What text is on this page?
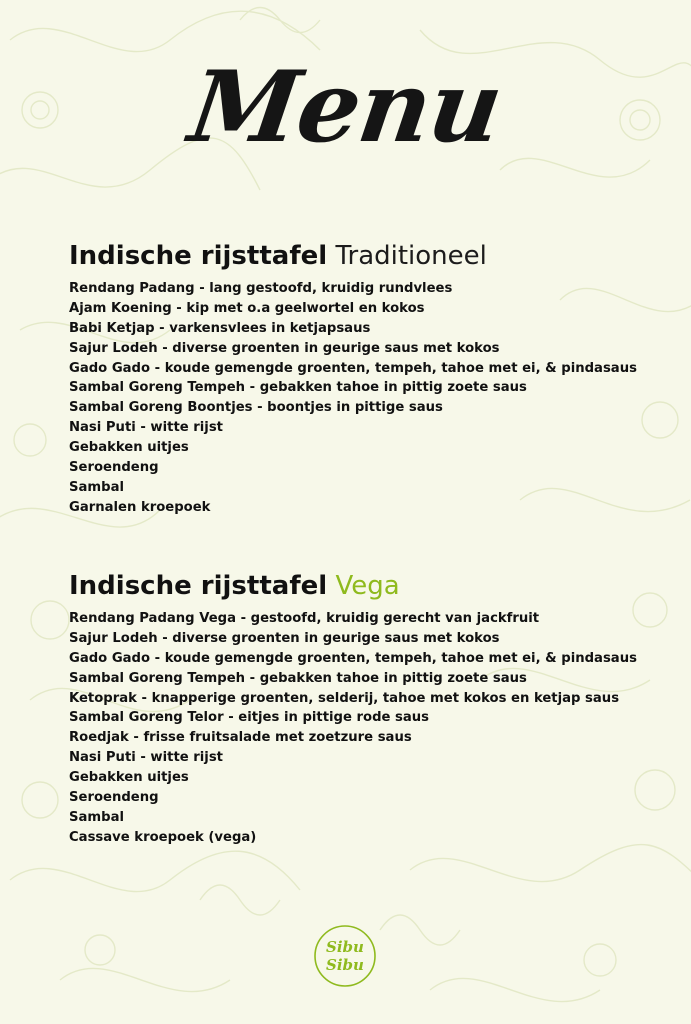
Menu
Indische rijsttafel Traditioneel
Rendang Padang - lang gestoofd, kruidig rundvlees
Ajam Koening - kip met o.a geelwortel en kokos
Babi Ketjap - varkensvlees in ketjapsaus
Sajur Lodeh - diverse groenten in geurige saus met kokos
Gado Gado - koude gemengde groenten, tempeh, tahoe met ei, & pindasaus
Sambal Goreng Tempeh - gebakken tahoe in pittig zoete saus
Sambal Goreng Boontjes - boontjes in pittige saus
Nasi Puti - witte rijst
Gebakken uitjes
Seroendeng
Sambal
Garnalen kroepoek
Indische rijsttafel Vega
Rendang Padang Vega - gestoofd, kruidig gerecht van jackfruit
Sajur Lodeh - diverse groenten in geurige saus met kokos
Gado Gado - koude gemengde groenten, tempeh, tahoe met ei, & pindasaus
Sambal Goreng Tempeh - gebakken tahoe in pittig zoete saus
Ketoprak - knapperige groenten, selderij, tahoe met kokos en ketjap saus
Sambal Goreng Telor - eitjes in pittige rode saus
Roedjak - frisse fruitsalade met zoetzure saus
Nasi Puti - witte rijst
Gebakken uitjes
Seroendeng
Sambal
Cassave kroepoek (vega)
Sibu
Sibu
